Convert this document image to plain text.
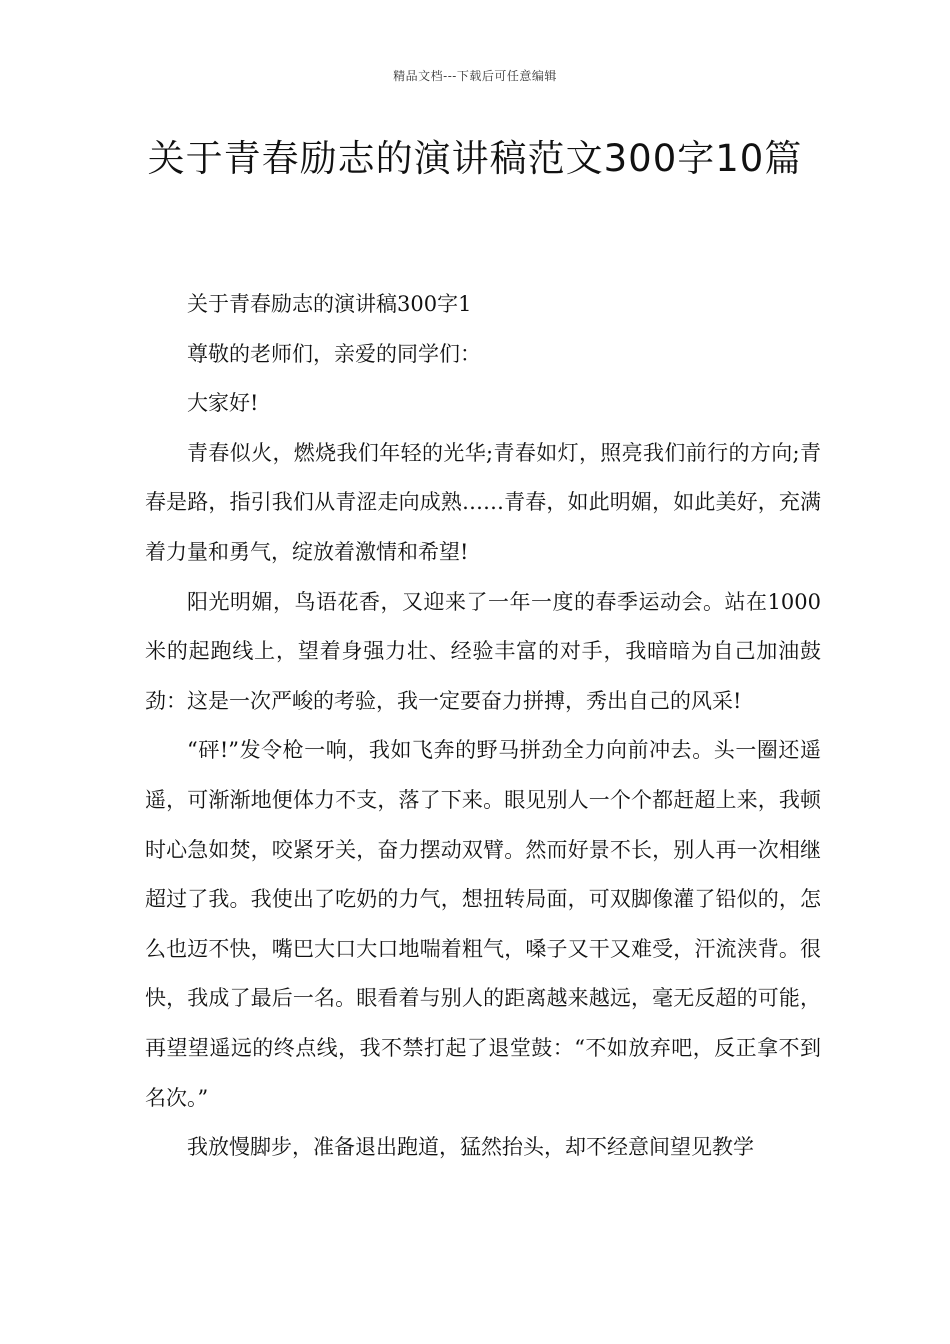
精品文档---下载后可任意编辑
关于青春励志的演讲稿范文300字10篇

关于青春励志的演讲稿300字1

尊敬的老师们，亲爱的同学们：

大家好!

青春似火，燃烧我们年轻的光华;青春如灯，照亮我们前行的方向;青春是路，指引我们从青涩走向成熟……青春，如此明媚，如此美好，充满着力量和勇气，绽放着激情和希望!

阳光明媚，鸟语花香，又迎来了一年一度的春季运动会。站在1000米的起跑线上，望着身强力壮、经验丰富的对手，我暗暗为自己加油鼓劲：这是一次严峻的考验，我一定要奋力拼搏，秀出自己的风采!

“砰!”发令枪一响，我如飞奔的野马拼劲全力向前冲去。头一圈还遥遥，可渐渐地便体力不支，落了下来。眼见别人一个个都赶超上来，我顿时心急如焚，咬紧牙关，奋力摆动双臂。然而好景不长，别人再一次相继超过了我。我使出了吃奶的力气，想扭转局面，可双脚像灌了铅似的，怎么也迈不快，嘴巴大口大口地喘着粗气，嗓子又干又难受，汗流浃背。很快，我成了最后一名。眼看着与别人的距离越来越远，毫无反超的可能，再望望遥远的终点线，我不禁打起了退堂鼓：“不如放弃吧，反正拿不到名次。”

我放慢脚步，准备退出跑道，猛然抬头，却不经意间望见教学
